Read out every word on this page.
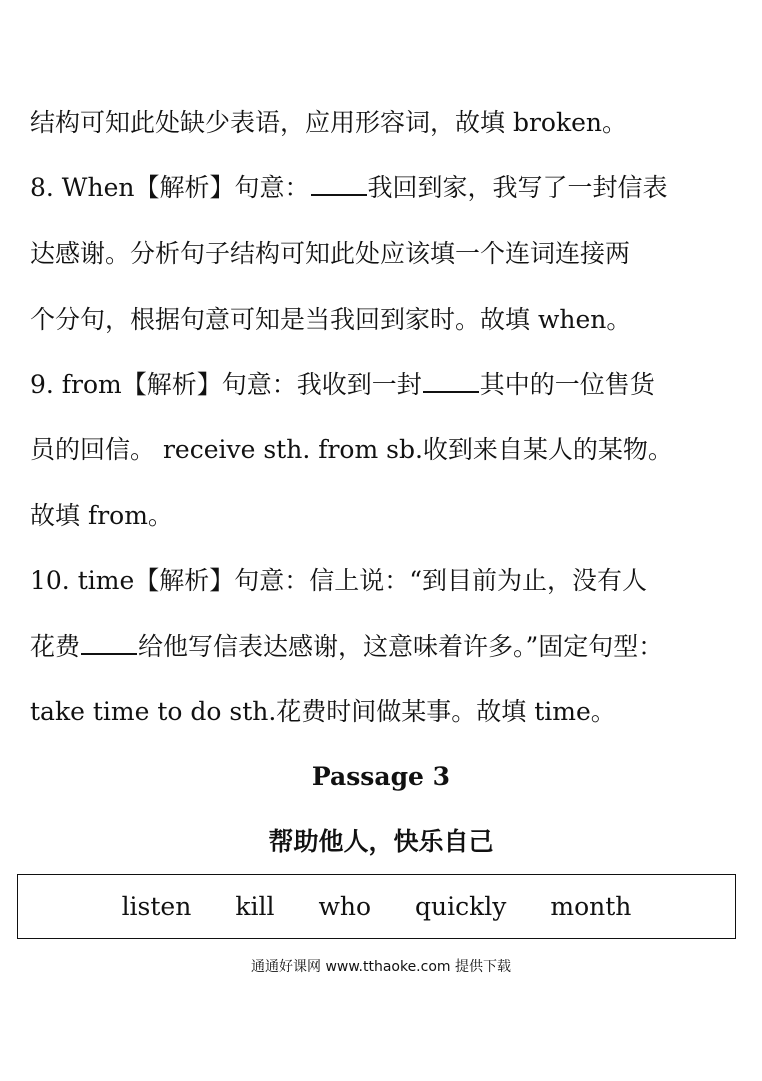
结构可知此处缺少表语，应用形容词，故填 broken。
8. When【解析】句意： 我回到家，我写了一封信表
达感谢。分析句子结构可知此处应该填一个连词连接两
个分句，根据句意可知是当我回到家时。故填 when。
9. from【解析】句意：我收到一封 其中的一位售货
员的回信。 receive sth. from sb.收到来自某人的某物。
故填 from。
10. time【解析】句意：信上说：“到目前为止，没有人
花费 给他写信表达感谢，这意味着许多。”固定句型：
take time to do sth.花费时间做某事。故填 time。
Passage 3
帮助他人，快乐自己
listen kill who quickly month
通通好课网 www.tthaoke.com 提供下载
